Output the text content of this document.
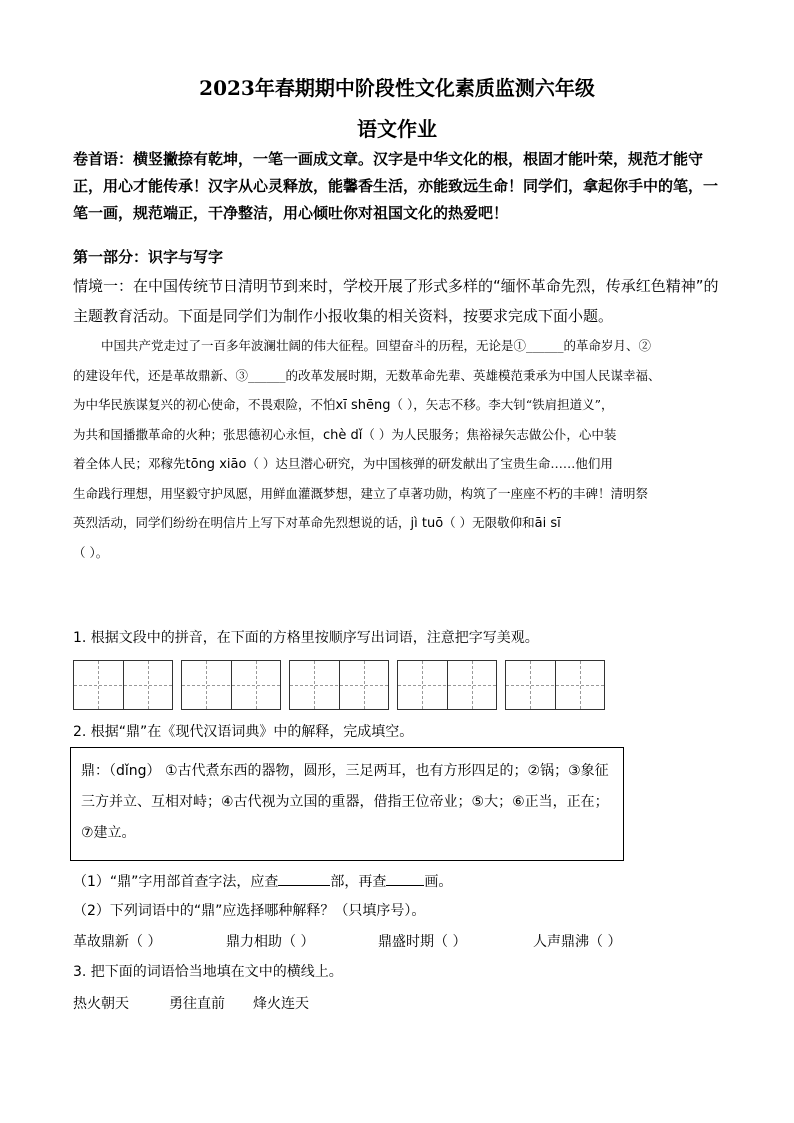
2023年春期期中阶段性文化素质监测六年级
语文作业
卷首语：横竖撇捺有乾坤，一笔一画成文章。汉字是中华文化的根，根固才能叶荣，规范才能守正，用心才能传承！汉字从心灵释放，能馨香生活，亦能致远生命！同学们，拿起你手中的笔，一笔一画，规范端正，干净整洁，用心倾吐你对祖国文化的热爱吧！
第一部分：识字与写字
情境一：在中国传统节日清明节到来时，学校开展了形式多样的“缅怀革命先烈，传承红色精神”的主题教育活动。下面是同学们为制作小报收集的相关资料，按要求完成下面小题。
中国共产党走过了一百多年波澜壮阔的伟大征程。回望奋斗的历程，无论是①______的革命岁月、②
的建设年代，还是革故鼎新、③______的改革发展时期，无数革命先辈、英雄模范秉承为中国人民谋幸福、
为中华民族谋复兴的初心使命，不畏艰险，不怕xī shēng（ ），矢志不移。李大钊“铁肩担道义”，
为共和国播撒革命的火种；张思德初心永恒，chè dǐ（ ）为人民服务；焦裕禄矢志做公仆，心中装
着全体人民；邓稼先tōng xiāo（ ）达旦潜心研究，为中国核弹的研发献出了宝贵生命……他们用
生命践行理想，用坚毅守护凤愿，用鲜血灌溉梦想，建立了卓著功勋，构筑了一座座不朽的丰碑！清明祭
英烈活动，同学们纷纷在明信片上写下对革命先烈想说的话，jì tuō（ ）无限敬仰和āi sī
（ ）。
1. 根据文段中的拼音，在下面的方格里按顺序写出词语，注意把字写美观。
2. 根据“鼎”在《现代汉语词典》中的解释，完成填空。
鼎：（dǐng） ①古代煮东西的器物，圆形，三足两耳，也有方形四足的；②锅；③象征三方并立、互相对峙；④古代视为立国的重器，借指王位帝业；⑤大；⑥正当，正在；⑦建立。
（1）“鼎”字用部首查字法，应查	部，再查	画。
（2）下列词语中的“鼎”应选择哪种解释？（只填序号）。
革故鼎新（ ）	鼎力相助（ ）	鼎盛时期（ ）	人声鼎沸（ ）
3. 把下面的词语恰当地填在文中的横线上。
热火朝天	勇往直前 烽火连天
